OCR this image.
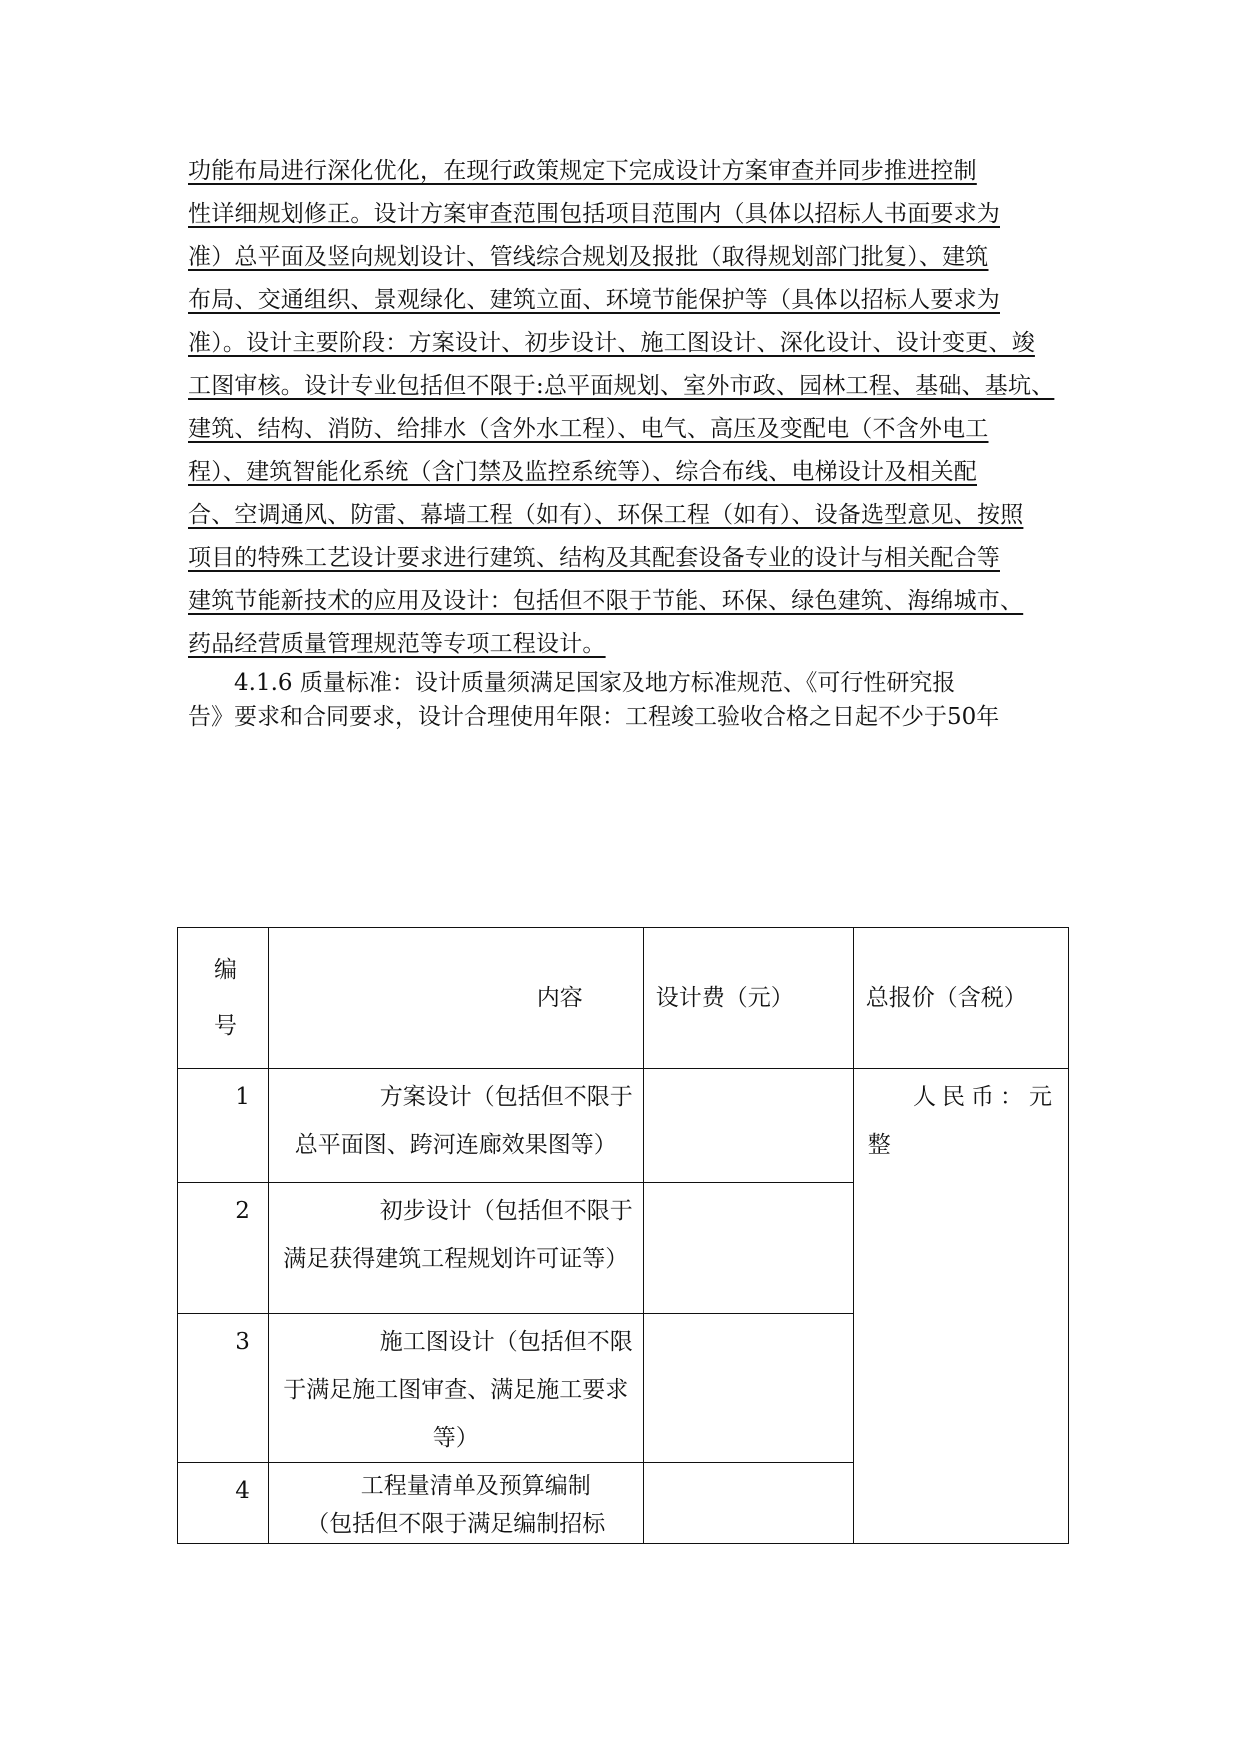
功能布局进行深化优化，在现行政策规定下完成设计方案审查并同步推进控制
性详细规划修正。设计方案审查范围包括项目范围内（具体以招标人书面要求为
准）总平面及竖向规划设计、管线综合规划及报批（取得规划部门批复）、建筑
布局、交通组织、景观绿化、建筑立面、环境节能保护等（具体以招标人要求为
准）。设计主要阶段：方案设计、初步设计、施工图设计、深化设计、设计变更、竣
工图审核。设计专业包括但不限于:总平面规划、室外市政、园林工程、基础、基坑、
建筑、结构、消防、给排水（含外水工程）、电气、高压及变配电（不含外电工
程）、建筑智能化系统（含门禁及监控系统等）、综合布线、电梯设计及相关配
合、空调通风、防雷、幕墙工程（如有）、环保工程（如有）、设备选型意见、按照
项目的特殊工艺设计要求进行建筑、结构及其配套设备专业的设计与相关配合等
建筑节能新技术的应用及设计：包括但不限于节能、环保、绿色建筑、海绵城市、
药品经营质量管理规范等专项工程设计。
4.1.6 质量标准：设计质量须满足国家及地方标准规范、《可行性研究报
告》要求和合同要求，设计合理使用年限：工程竣工验收合格之日起不少于50年
编
号	内容	设计费（元）	总报价（含税）
1	方案设计（包括但不限于
总平面图、跨河连廊效果图等）		人民币：元
整

2	初步设计（包括但不限于
满足获得建筑工程规划许可证等）		

3	施工图设计（包括但不限
于满足施工图审查、满足施工要求等）		

4	工程量清单及预算编制
（包括但不限于满足编制招标		
